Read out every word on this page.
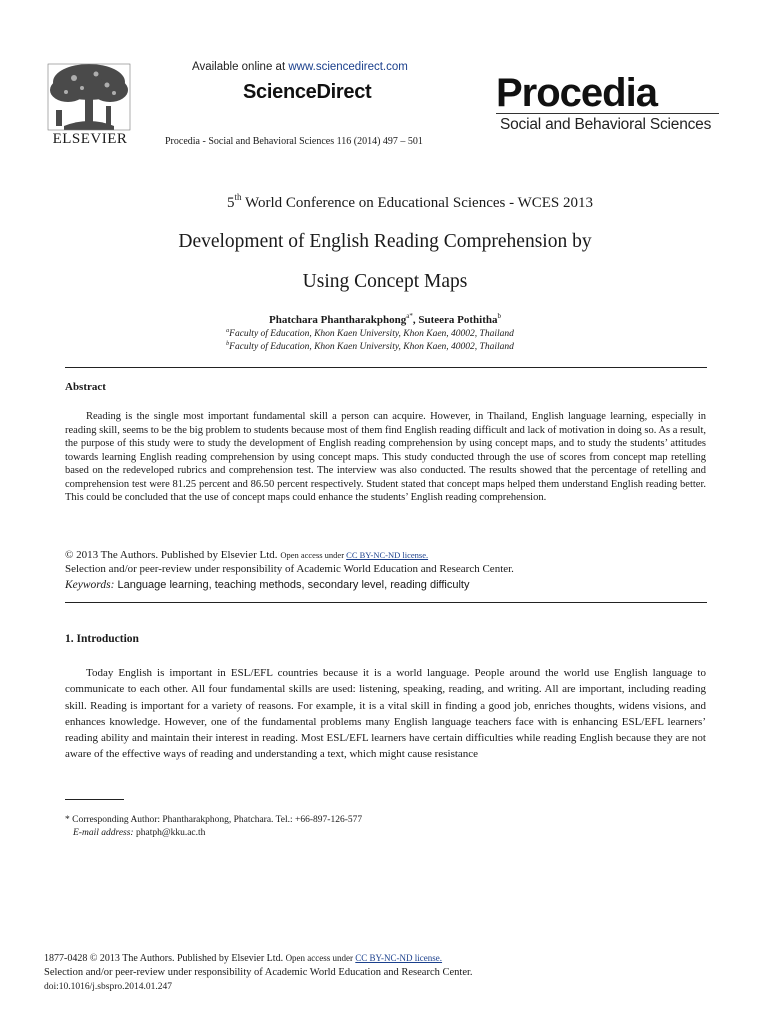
ELSEVIER
Available online at www.sciencedirect.com
ScienceDirect
Procedia - Social and Behavioral Sciences 116 (2014) 497 – 501
Procedia
Social and Behavioral Sciences
5th World Conference on Educational Sciences - WCES 2013
Development of English Reading Comprehension by
Using Concept Maps
Phatchara Phantharakphong$^{a*}$, Suteera Pothitha$^b$
$^a$Faculty of Education, Khon Kaen University, Khon Kaen, 40002, Thailand
$^b$Faculty of Education, Khon Kaen University, Khon Kaen, 40002, Thailand
Abstract
Reading is the single most important fundamental skill a person can acquire. However, in Thailand, English language learning, especially in reading skill, seems to be the big problem to students because most of them find English reading difficult and lack of motivation in doing so. As a result, the purpose of this study were to study the development of English reading comprehension by using concept maps, and to study the students’ attitudes towards learning English reading comprehension by using concept maps. This study conducted through the use of scores from concept map retelling based on the redeveloped rubrics and comprehension test. The interview was also conducted. The results showed that the percentage of retelling and comprehension test were 81.25 percent and 86.50 percent respectively. Student stated that concept maps helped them understand English reading better. This could be concluded that the use of concept maps could enhance the students’ English reading comprehension.
© 2013 The Authors. Published by Elsevier Ltd. Open access under CC BY-NC-ND license.
Selection and/or peer-review under responsibility of Academic World Education and Research Center.
Keywords: Language learning, teaching methods, secondary level, reading difficulty
1. Introduction
Today English is important in ESL/EFL countries because it is a world language. People around the world use English language to communicate to each other. All four fundamental skills are used: listening, speaking, reading, and writing. All are important, including reading skill. Reading is important for a variety of reasons. For example, it is a vital skill in finding a good job, enriches thoughts, widens visions, and enhances knowledge. However, one of the fundamental problems many English language teachers face with is enhancing ESL/EFL learners’ reading ability and maintain their interest in reading. Most ESL/EFL learners have certain difficulties while reading English because they are not aware of the effective ways of reading and understanding a text, which might cause resistance
* Corresponding Author: Phantharakphong, Phatchara. Tel.: +66-897-126-577
E-mail address: phatph@kku.ac.th
1877-0428 © 2013 The Authors. Published by Elsevier Ltd. Open access under CC BY-NC-ND license.
Selection and/or peer-review under responsibility of Academic World Education and Research Center.
doi:10.1016/j.sbspro.2014.01.247
